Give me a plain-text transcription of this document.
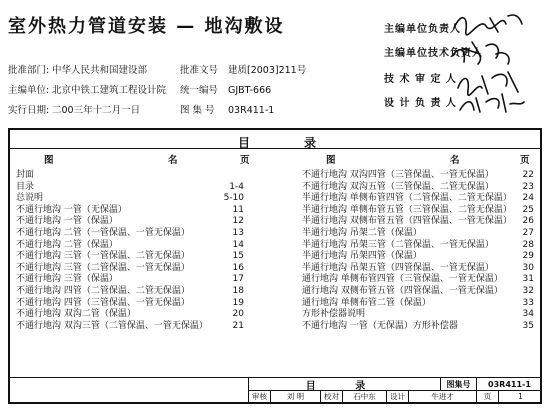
室外热力管道安装 — 地沟敷设
批准部门: 中华人民共和国建设部	批准文号 建质[2003]211号
主编单位: 北京中铁工建筑工程设计院 统一编号 GJBT-666
实行日期: 二00三年十二月一日	图 集 号 03R411-1
主编单位负责人
主编单位技术负责人
技 术 审 定 人
设 计 负 责 人
目	录
图	名	页	图	名	页
封面
目录	1-4
总说明	5-10
不通行地沟 一管（无保温）	11
不通行地沟 一管（保温）	12
不通行地沟 二管（一管保温、一管无保温）	13
不通行地沟 二管（保温）	14
不通行地沟 三管（一管保温、二管无保温）	15
不通行地沟 三管（二管保温、一管无保温）	16
不通行地沟 三管（保温）	17
不通行地沟 四管（二管保温、二管无保温）	18
不通行地沟 四管（三管保温、一管无保温）	19
不通行地沟 双沟二管（保温）	20
不通行地沟 双沟三管（二管保温、一管无保温）	21
不通行地沟 双沟四管（三管保温、一管无保温）	22
不通行地沟 双沟五管（三管保温、二管无保温）	23
半通行地沟 单侧布管四管（二管保温、二管无保温） 24
半通行地沟 单侧布管五管（三管保温、二管无保温） 25
半通行地沟 双侧布管五管（四管保温、一管无保温） 26
半通行地沟 吊架二管（保温）	27
半通行地沟 吊架三管（二管保温、一管无保温）	28
半通行地沟 吊架四管（保温）	29
半通行地沟 吊架五管（四管保温、一管无保温）	30
通行地沟 单侧布管四管（三管保温、一管无保温） 31
通行地沟 双侧布管五管（四管保温、一管无保温） 32
通行地沟 单侧布管二管（保温）	33
方形补偿器说明	34
不通行地沟 一管（无保温）方形补偿器	35
目 录	图集号	03R411-1
审核	刘 明	校对	石中东	设计	牛进才	页	1
